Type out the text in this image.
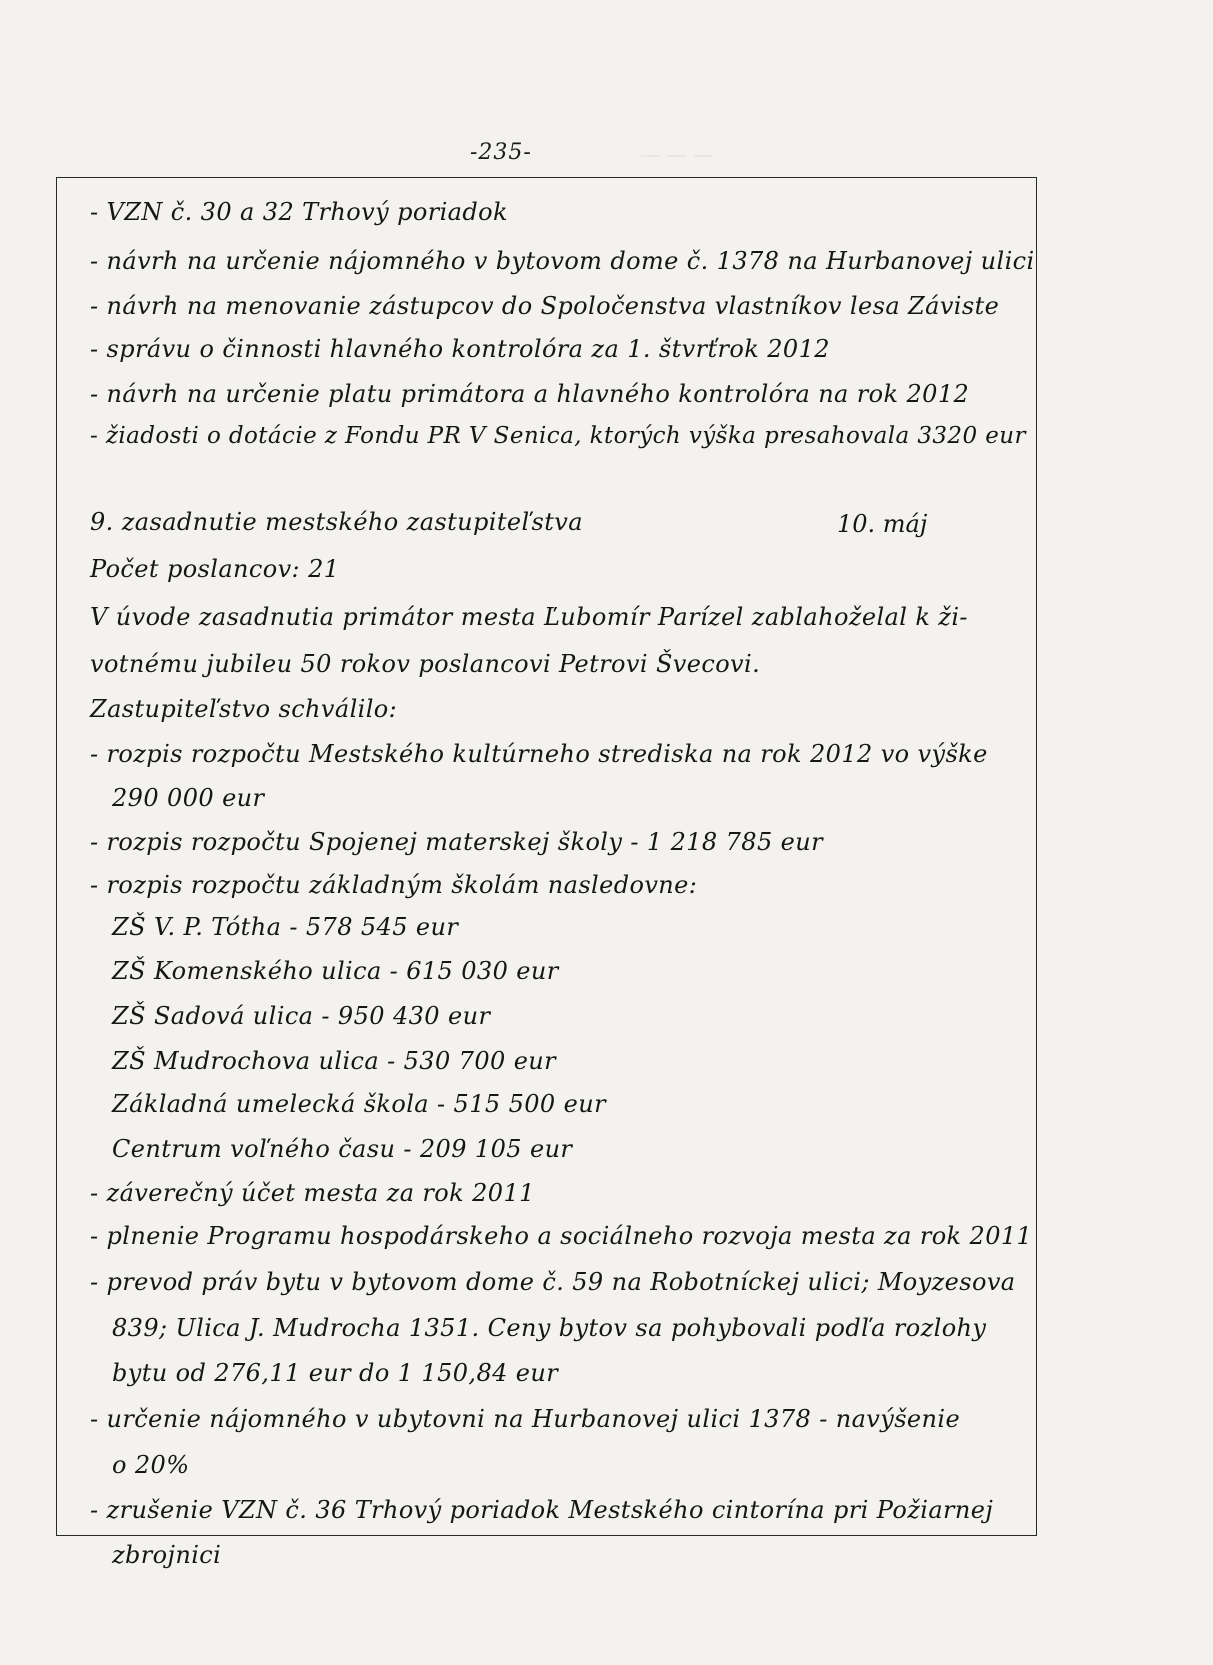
-235-	— — —
- VZN č. 30 a 32 Trhový poriadok
- návrh na určenie nájomného v bytovom dome č. 1378 na Hurbanovej ulici
- návrh na menovanie zástupcov do Spoločenstva vlastníkov lesa Záviste
- správu o činnosti hlavného kontrolóra za 1. štvrťrok 2012
- návrh na určenie platu primátora a hlavného kontrolóra na rok 2012
- žiadosti o dotácie z Fondu PR V Senica, ktorých výška presahovala 3320 eur
9. zasadnutie mestského zastupiteľstva	10. máj
Počet poslancov: 21
V úvode zasadnutia primátor mesta Ľubomír Parízel zablahoželal k ži-
votnému jubileu 50 rokov poslancovi Petrovi Švecovi.
Zastupiteľstvo schválilo:
- rozpis rozpočtu Mestského kultúrneho strediska na rok 2012 vo výške
290 000 eur
- rozpis rozpočtu Spojenej materskej školy - 1 218 785 eur
- rozpis rozpočtu základným školám nasledovne:
ZŠ V. P. Tótha - 578 545 eur
ZŠ Komenského ulica - 615 030 eur
ZŠ Sadová ulica - 950 430 eur
ZŠ Mudrochova ulica - 530 700 eur
Základná umelecká škola - 515 500 eur
Centrum voľného času - 209 105 eur
- záverečný účet mesta za rok 2011
- plnenie Programu hospodárskeho a sociálneho rozvoja mesta za rok 2011
- prevod práv bytu v bytovom dome č. 59 na Robotníckej ulici; Moyzesova
839; Ulica J. Mudrocha 1351. Ceny bytov sa pohybovali podľa rozlohy
bytu od 276,11 eur do 1 150,84 eur
- určenie nájomného v ubytovni na Hurbanovej ulici 1378 - navýšenie
o 20%
- zrušenie VZN č. 36 Trhový poriadok Mestského cintorína pri Požiarnej
zbrojnici
